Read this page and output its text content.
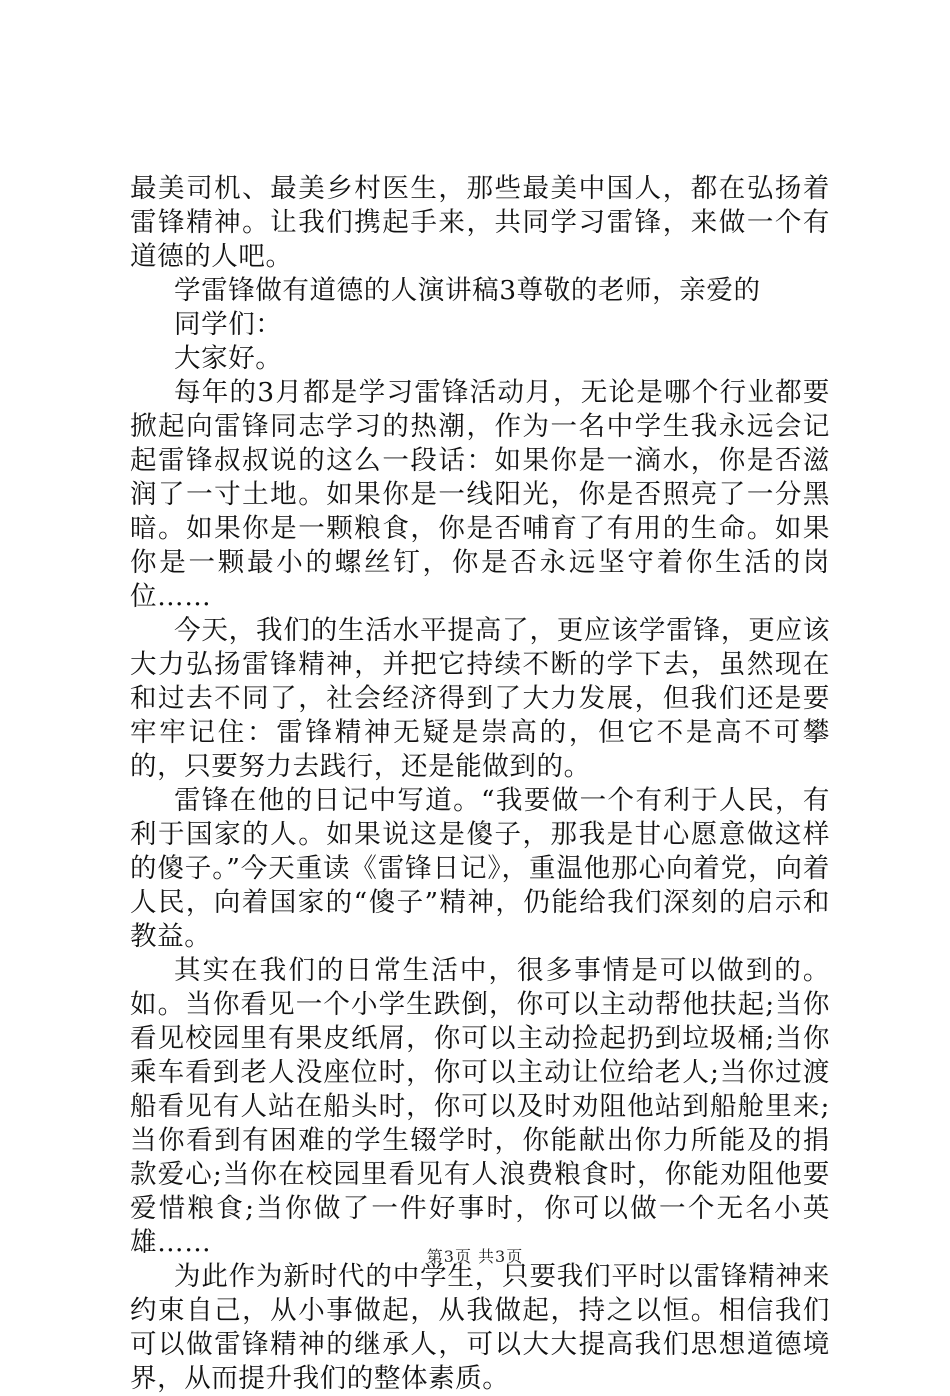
最美司机、最美乡村医生，那些最美中国人，都在弘扬着雷锋精神。让我们携起手来，共同学习雷锋，来做一个有道德的人吧。

学雷锋做有道德的人演讲稿3尊敬的老师，亲爱的

同学们：

大家好。

每年的3月都是学习雷锋活动月，无论是哪个行业都要掀起向雷锋同志学习的热潮，作为一名中学生我永远会记起雷锋叔叔说的这么一段话：如果你是一滴水，你是否滋润了一寸土地。如果你是一线阳光，你是否照亮了一分黑暗。如果你是一颗粮食，你是否哺育了有用的生命。如果你是一颗最小的螺丝钉，你是否永远坚守着你生活的岗位……

今天，我们的生活水平提高了，更应该学雷锋，更应该大力弘扬雷锋精神，并把它持续不断的学下去，虽然现在和过去不同了，社会经济得到了大力发展，但我们还是要牢牢记住：雷锋精神无疑是崇高的，但它不是高不可攀的，只要努力去践行，还是能做到的。

雷锋在他的日记中写道。“我要做一个有利于人民，有利于国家的人。如果说这是傻子，那我是甘心愿意做这样的傻子。”今天重读《雷锋日记》，重温他那心向着党，向着人民，向着国家的“傻子”精神，仍能给我们深刻的启示和教益。

其实在我们的日常生活中，很多事情是可以做到的。如。当你看见一个小学生跌倒，你可以主动帮他扶起;当你看见校园里有果皮纸屑，你可以主动捡起扔到垃圾桶;当你乘车看到老人没座位时，你可以主动让位给老人;当你过渡船看见有人站在船头时，你可以及时劝阻他站到船舱里来;当你看到有困难的学生辍学时，你能献出你力所能及的捐款爱心;当你在校园里看见有人浪费粮食时，你能劝阻他要爱惜粮食;当你做了一件好事时，你可以做一个无名小英雄……

为此作为新时代的中学生，只要我们平时以雷锋精神来约束自己，从小事做起，从我做起，持之以恒。相信我们可以做雷锋精神的继承人，可以大大提高我们思想道德境界，从而提升我们的整体素质。

第3页 共3页
